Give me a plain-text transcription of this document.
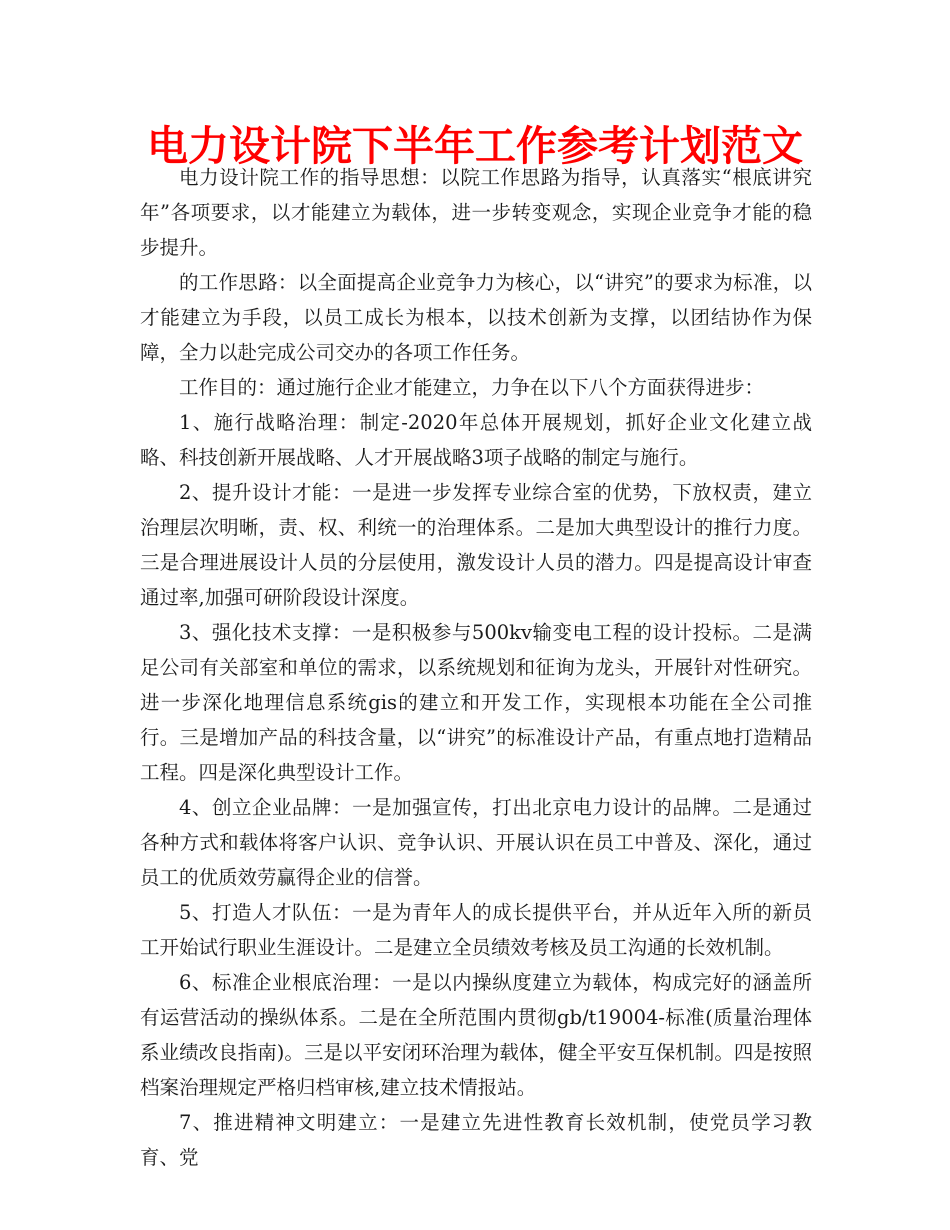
电力设计院下半年工作参考计划范文

电力设计院工作的指导思想：以院工作思路为指导，认真落实“根底讲究年”各项要求，以才能建立为载体，进一步转变观念，实现企业竞争才能的稳步提升。

的工作思路：以全面提高企业竞争力为核心，以“讲究”的要求为标准，以才能建立为手段，以员工成长为根本，以技术创新为支撑，以团结协作为保障，全力以赴完成公司交办的各项工作任务。

工作目的：通过施行企业才能建立，力争在以下八个方面获得进步：

1、施行战略治理：制定-2020年总体开展规划，抓好企业文化建立战略、科技创新开展战略、人才开展战略3项子战略的制定与施行。

2、提升设计才能：一是进一步发挥专业综合室的优势，下放权责，建立治理层次明晰，责、权、利统一的治理体系。二是加大典型设计的推行力度。三是合理进展设计人员的分层使用，激发设计人员的潜力。四是提高设计审查通过率,加强可研阶段设计深度。

3、强化技术支撑：一是积极参与500kv输变电工程的设计投标。二是满足公司有关部室和单位的需求，以系统规划和征询为龙头，开展针对性研究。进一步深化地理信息系统gis的建立和开发工作，实现根本功能在全公司推行。三是增加产品的科技含量，以“讲究”的标准设计产品，有重点地打造精品工程。四是深化典型设计工作。

4、创立企业品牌：一是加强宣传，打出北京电力设计的品牌。二是通过各种方式和载体将客户认识、竞争认识、开展认识在员工中普及、深化，通过员工的优质效劳赢得企业的信誉。

5、打造人才队伍：一是为青年人的成长提供平台，并从近年入所的新员工开始试行职业生涯设计。二是建立全员绩效考核及员工沟通的长效机制。

6、标准企业根底治理：一是以内操纵度建立为载体，构成完好的涵盖所有运营活动的操纵体系。二是在全所范围内贯彻gb/t19004-标准(质量治理体系业绩改良指南)。三是以平安闭环治理为载体，健全平安互保机制。四是按照档案治理规定严格归档审核,建立技术情报站。

7、推进精神文明建立：一是建立先进性教育长效机制，使党员学习教育、党
